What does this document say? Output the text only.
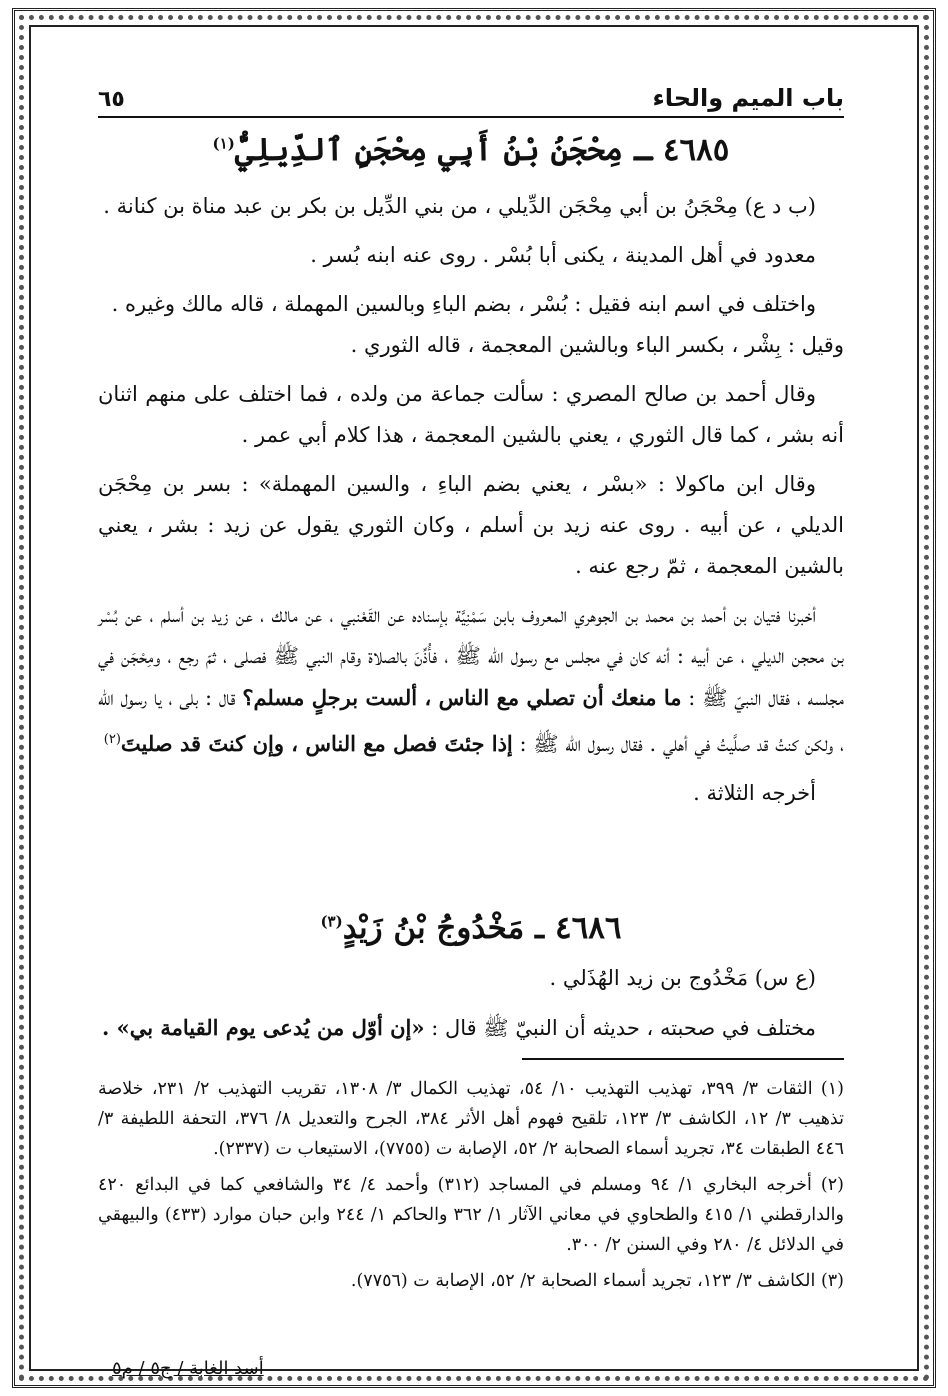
باب الميم والحاء
٦٥
٤٦٨٥ ـ مِحْجَنُ بْنُ أَبِي مِحْجَنٍ ٱلدِّيلِيُّ$^{(١)}$

(ب د ع) مِحْجَنُ بن أبي مِحْجَن الدِّيلي ، من بني الدِّيل بن بكر بن عبد مناة بن كنانة .

معدود في أهل المدينة ، يكنى أبا بُسْر . روى عنه ابنه بُسر .

واختلف في اسم ابنه فقيل : بُسْر ، بضم الباءِ وبالسين المهملة ، قاله مالك وغيره .

وقيل : بِشْر ، بكسر الباء وبالشين المعجمة ، قاله الثوري .

وقال أحمد بن صالح المصري : سألت جماعة من ولده ، فما اختلف على منهم اثنان أنه بشر ، كما قال الثوري ، يعني بالشين المعجمة ، هذا كلام أبي عمر .

وقال ابن ماكولا : «بسْر ، يعني بضم الباءِ ، والسين المهملة» : بسر بن مِحْجَن الديلي ، عن أبيه . روى عنه زيد بن أسلم ، وكان الثوري يقول عن زيد : بشر ، يعني بالشين المعجمة ، ثمّ رجع عنه .

أخبرنا فتيان بن أحمد بن محمد بن الجوهري المعروف بابن سَمْنِيَّة بإسناده عن القَعْنبي ، عن مالك ، عن زيد بن أسلم ، عن بُسْر بن محجن الديلي ، عن أبيه : أنه كان في مجلس مع رسول الله ﷺ ، فأُذِّنَ بالصلاة وقام النبي ﷺ فصلى ، ثمّ رجع ، ومِحْجَن في مجلسه ، فقال النبيّ ﷺ : ما منعك أن تصلي مع الناس ، ألست برجلٍ مسلم؟ قال : بلى ، يا رسول الله ، ولكن كنتُ قد صلَّيتُ في أهلي . فقال رسول الله ﷺ : إذا جئتَ فصل مع الناس ، وإن كنتَ قد صليتَ$^{(٢)}$

أخرجه الثلاثة .

٤٦٨٦ ـ مَخْدُوجُ بْنُ زَيْدٍ$^{(٣)}$

(ع س) مَخْدُوج بن زيد الهُذَلي .

مختلف في صحبته ، حديثه أن النبيّ ﷺ قال : «إن أوّل من يُدعى يوم القيامة بي» .

(١) الثقات ٣/ ٣٩٩، تهذيب التهذيب ١٠/ ٥٤، تهذيب الكمال ٣/ ١٣٠٨، تقريب التهذيب ٢/ ٢٣١، خلاصة تذهيب ٣/ ١٢، الكاشف ٣/ ١٢٣، تلقيح فهوم أهل الأثر ٣٨٤، الجرح والتعديل ٨/ ٣٧٦، التحفة اللطيفة ٣/ ٤٤٦ الطبقات ٣٤، تجريد أسماء الصحابة ٢/ ٥٢، الإصابة ت (٧٧٥٥)، الاستيعاب ت (٢٣٣٧).

(٢) أخرجه البخاري ١/ ٩٤ ومسلم في المساجد (٣١٢) وأحمد ٤/ ٣٤ والشافعي كما في البدائع ٤٢٠ والدارقطني ١/ ٤١٥ والطحاوي في معاني الآثار ١/ ٣٦٢ والحاكم ١/ ٢٤٤ وابن حبان موارد (٤٣٣) والبيهقي في الدلائل ٤/ ٢٨٠ وفي السنن ٢/ ٣٠٠.

(٣) الكاشف ٣/ ١٢٣، تجريد أسماء الصحابة ٢/ ٥٢، الإصابة ت (٧٧٥٦).

أسد الغابة / ج٥ / م٥
